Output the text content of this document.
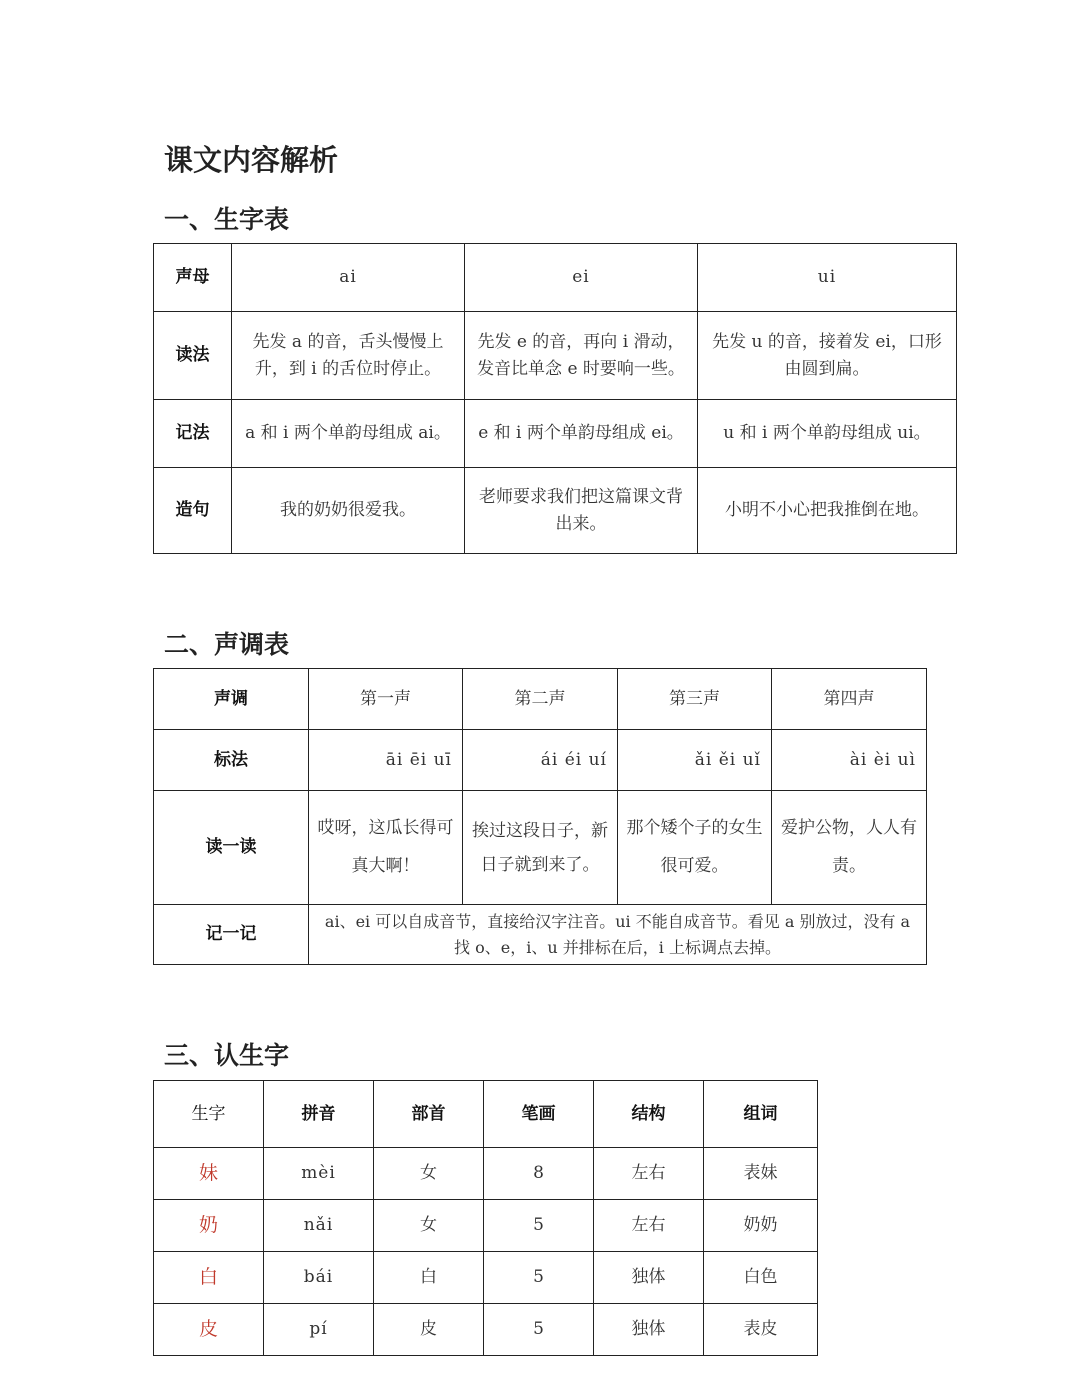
课文内容解析
一、生字表
声母	ai	ei	ui
读法	先发 a 的音，舌头慢慢上升，到 i 的舌位时停止。	先发 e 的音，再向 i 滑动，发音比单念 e 时要响一些。	先发 u 的音，接着发 ei，口形由圆到扁。
记法	a 和 i 两个单韵母组成 ai。	e 和 i 两个单韵母组成 ei。	u 和 i 两个单韵母组成 ui。
造句	我的奶奶很爱我。	老师要求我们把这篇课文背出来。	小明不小心把我推倒在地。
二、声调表
声调	第一声	第二声	第三声	第四声
标法	āi ēi uī	ái éi uí	ǎi ěi uǐ	ài èi uì
读一读	哎呀，这瓜长得可真大啊！	挨过这段日子，新日子就到来了。	那个矮个子的女生很可爱。	爱护公物，人人有责。
记一记	ai、ei 可以自成音节，直接给汉字注音。ui 不能自成音节。看见 a 别放过，没有 a 找 o、e，i、u 并排标在后，i 上标调点去掉。			
三、认生字
生字	拼音	部首	笔画	结构	组词
妹	mèi	女	8	左右	表妹
奶	nǎi	女	5	左右	奶奶
白	bái	白	5	独体	白色
皮	pí	皮	5	独体	表皮
